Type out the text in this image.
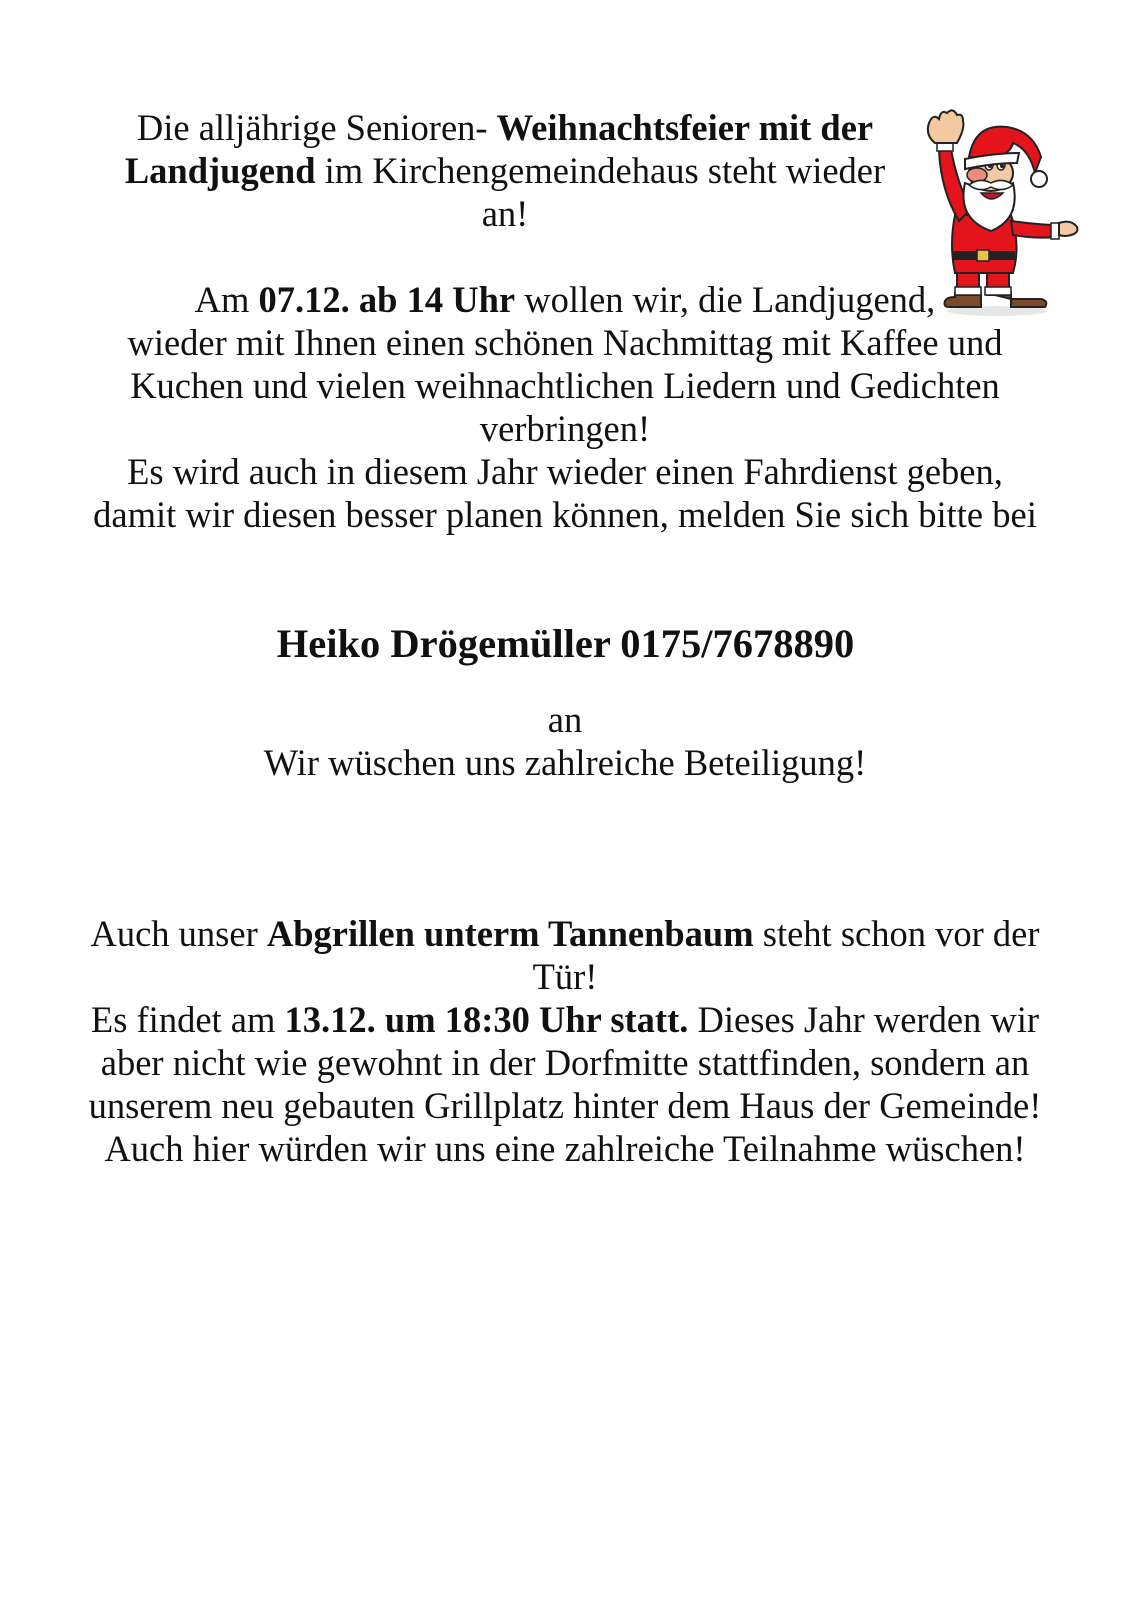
Die alljährige Senioren- Weihnachtsfeier mit der Landjugend im Kirchengemeindehaus steht wieder an!

Am 07.12. ab 14 Uhr wollen wir, die Landjugend,
wieder mit Ihnen einen schönen Nachmittag mit Kaffee und Kuchen und vielen weihnachtlichen Liedern und Gedichten verbringen!
Es wird auch in diesem Jahr wieder einen Fahrdienst geben, damit wir diesen besser planen können, melden Sie sich bitte bei

Heiko Drögemüller 0175/7678890

an
Wir wüschen uns zahlreiche Beteiligung!

Auch unser Abgrillen unterm Tannenbaum steht schon vor der Tür!
Es findet am 13.12. um 18:30 Uhr statt. Dieses Jahr werden wir aber nicht wie gewohnt in der Dorfmitte stattfinden, sondern an unserem neu gebauten Grillplatz hinter dem Haus der Gemeinde!
Auch hier würden wir uns eine zahlreiche Teilnahme wüschen!
